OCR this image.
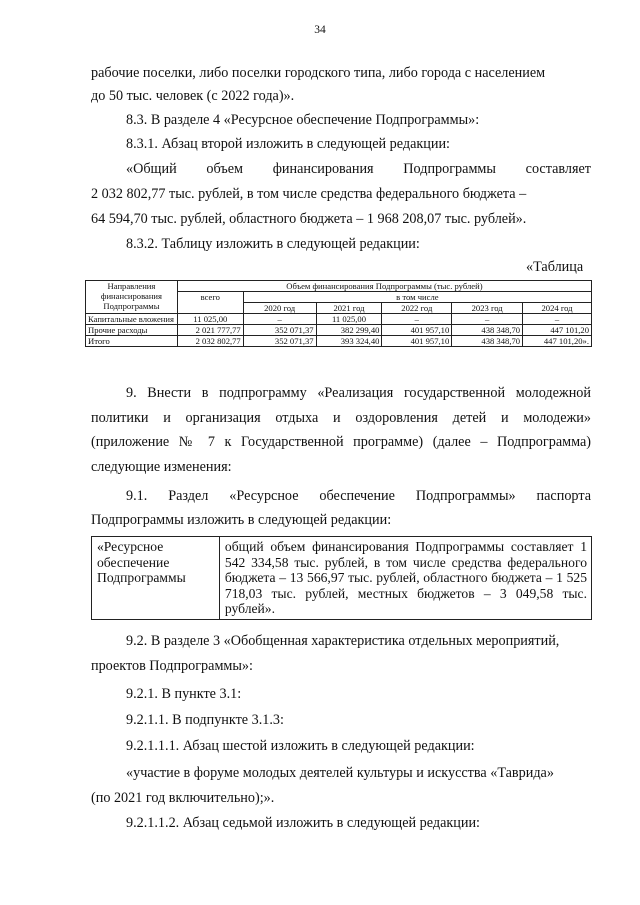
34
рабочие поселки, либо поселки городского типа, либо города с населением
до 50 тыс. человек (с 2022 года)».
8.3. В разделе 4 «Ресурсное обеспечение Подпрограммы»:
8.3.1. Абзац второй изложить в следующей редакции:
«Общий объем финансирования Подпрограммы составляет
2 032 802,77 тыс. рублей, в том числе средства федерального бюджета –
64 594,70 тыс. рублей, областного бюджета – 1 968 208,07 тыс. рублей».
8.3.2. Таблицу изложить в следующей редакции:
«Таблица
Направления финансирования Подпрограммы	Объем финансирования Подпрограммы (тыс. рублей)					
	всего	в том числе				
		2020 год	2021 год	2022 год	2023 год	2024 год
Капитальные вложения	11 025,00	–	11 025,00	–	–	–
Прочие расходы	2 021 777,77	352 071,37	382 299,40	401 957,10	438 348,70	447 101,20
Итого	2 032 802,77	352 071,37	393 324,40	401 957,10	438 348,70	447 101,20».
9. Внести в подпрограмму «Реализация государственной молодежной
политики и организация отдыха и оздоровления детей и молодежи»
(приложение № 7 к Государственной программе) (далее – Подпрограмма)
следующие изменения:
9.1. Раздел «Ресурсное обеспечение Подпрограммы» паспорта
Подпрограммы изложить в следующей редакции:
«Ресурсное обеспечение Подпрограммы	общий объем финансирования Подпрограммы составляет 1 542 334,58 тыс. рублей, в том числе средства федерального бюджета – 13 566,97 тыс. рублей, областного бюджета – 1 525 718,03 тыс. рублей, местных бюджетов – 3 049,58 тыс. рублей».
9.2. В разделе 3 «Обобщенная характеристика отдельных мероприятий,
проектов Подпрограммы»:
9.2.1. В пункте 3.1:
9.2.1.1. В подпункте 3.1.3:
9.2.1.1.1. Абзац шестой изложить в следующей редакции:
«участие в форуме молодых деятелей культуры и искусства «Таврида»
(по 2021 год включительно);».
9.2.1.1.2. Абзац седьмой изложить в следующей редакции:
